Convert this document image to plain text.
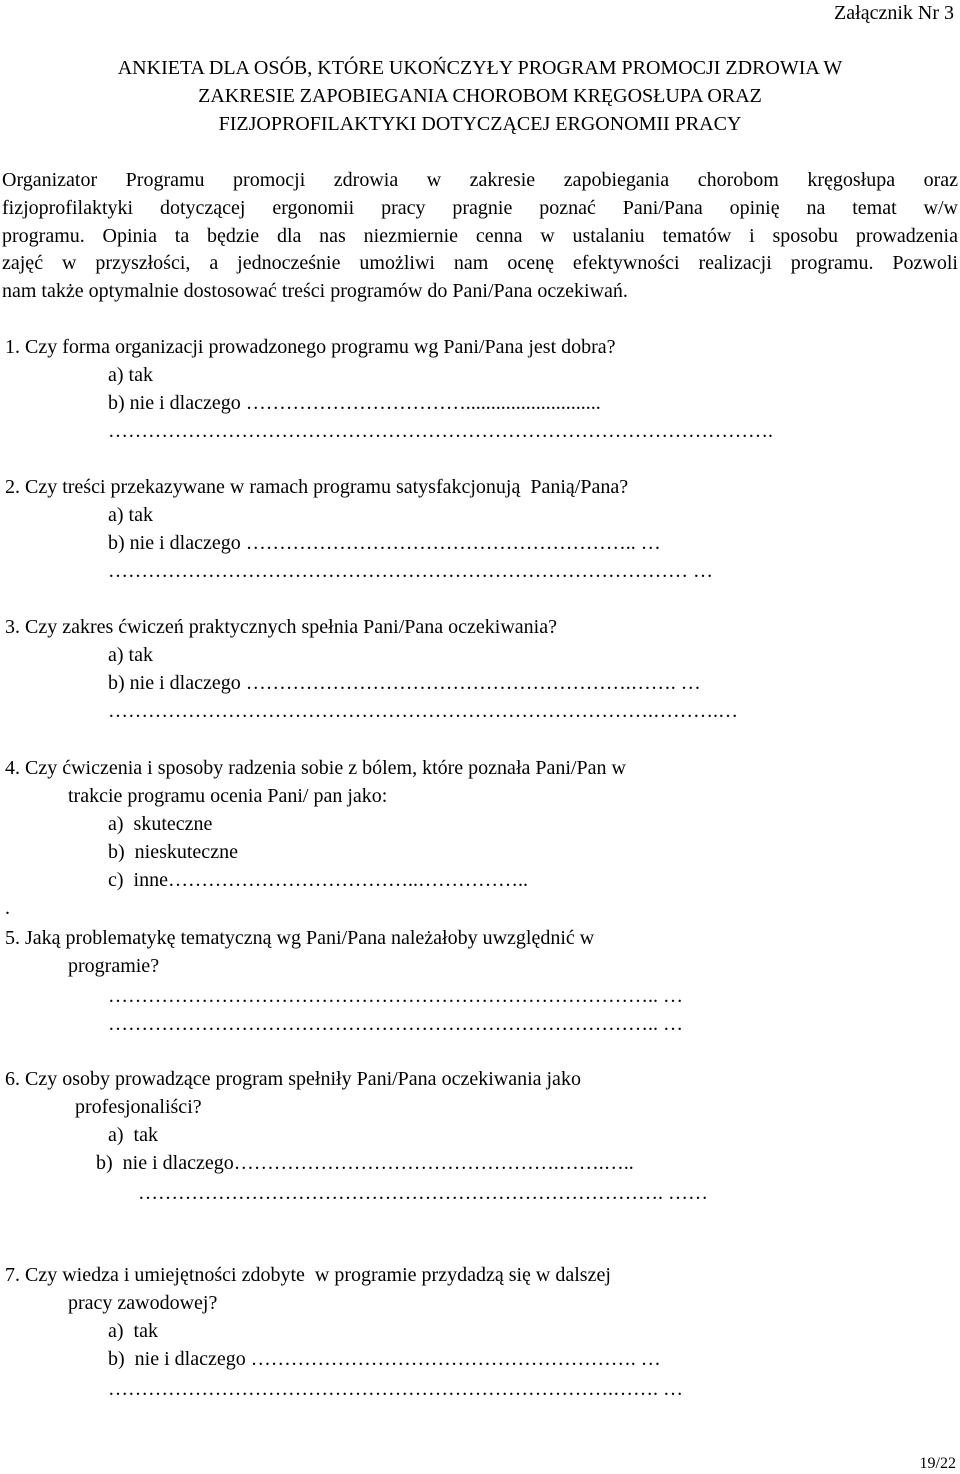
Załącznik Nr 3

ANKIETA DLA OSÓB, KTÓRE UKOŃCZYŁY PROGRAM PROMOCJI ZDROWIA W

ZAKRESIE ZAPOBIEGANIA CHOROBOM KRĘGOSŁUPA ORAZ

FIZJOPROFILAKTYKI DOTYCZĄCEJ ERGONOMII PRACY

Organizator Programu promocji zdrowia w zakresie zapobiegania chorobom kręgosłupa oraz

fizjoprofilaktyki dotyczącej ergonomii pracy pragnie poznać Pani/Pana opinię na temat w/w

programu. Opinia ta będzie dla nas niezmiernie cenna w ustalaniu tematów i sposobu prowadzenia

zajęć w przyszłości, a jednocześnie umożliwi nam ocenę efektywności realizacji programu. Pozwoli

nam także optymalnie dostosować treści programów do Pani/Pana oczekiwań.

1. Czy forma organizacji prowadzonego programu wg Pani/Pana jest dobra?

a) tak

b) nie i dlaczego ……………………………...........................

……………………………………………………………………………………….

2. Czy treści przekazywane w ramach programu satysfakcjonują  Panią/Pana?

a) tak

b) nie i dlaczego ………………………………………………….. …

…………………………………………………………………………… …

3. Czy zakres ćwiczeń praktycznych spełnia Pani/Pana oczekiwania?

a) tak

b) nie i dlaczego ………………………………………………….……. …

……………………………………………………………………….……….…

4. Czy ćwiczenia i sposoby radzenia sobie z bólem, które poznała Pani/Pan w

trakcie programu ocenia Pani/ pan jako:

a)  skuteczne

b)  nieskuteczne

c)  inne………………………………..……………..

.

5. Jaką problematykę tematyczną wg Pani/Pana należałoby uwzględnić w

programie?

……………………………………………………………………….. …

……………………………………………………………………….. …

6. Czy osoby prowadzące program spełniły Pani/Pana oczekiwania jako

profesjonaliści?

a)  tak

b)  nie i dlaczego………………………………………….…….…..

……………………………………………………………………. ……

7. Czy wiedza i umiejętności zdobyte  w programie przydadzą się w dalszej

pracy zawodowej?

a)  tak

b)  nie i dlaczego …………………………………………………. …

………………………………………………………………….……. …

19/22
